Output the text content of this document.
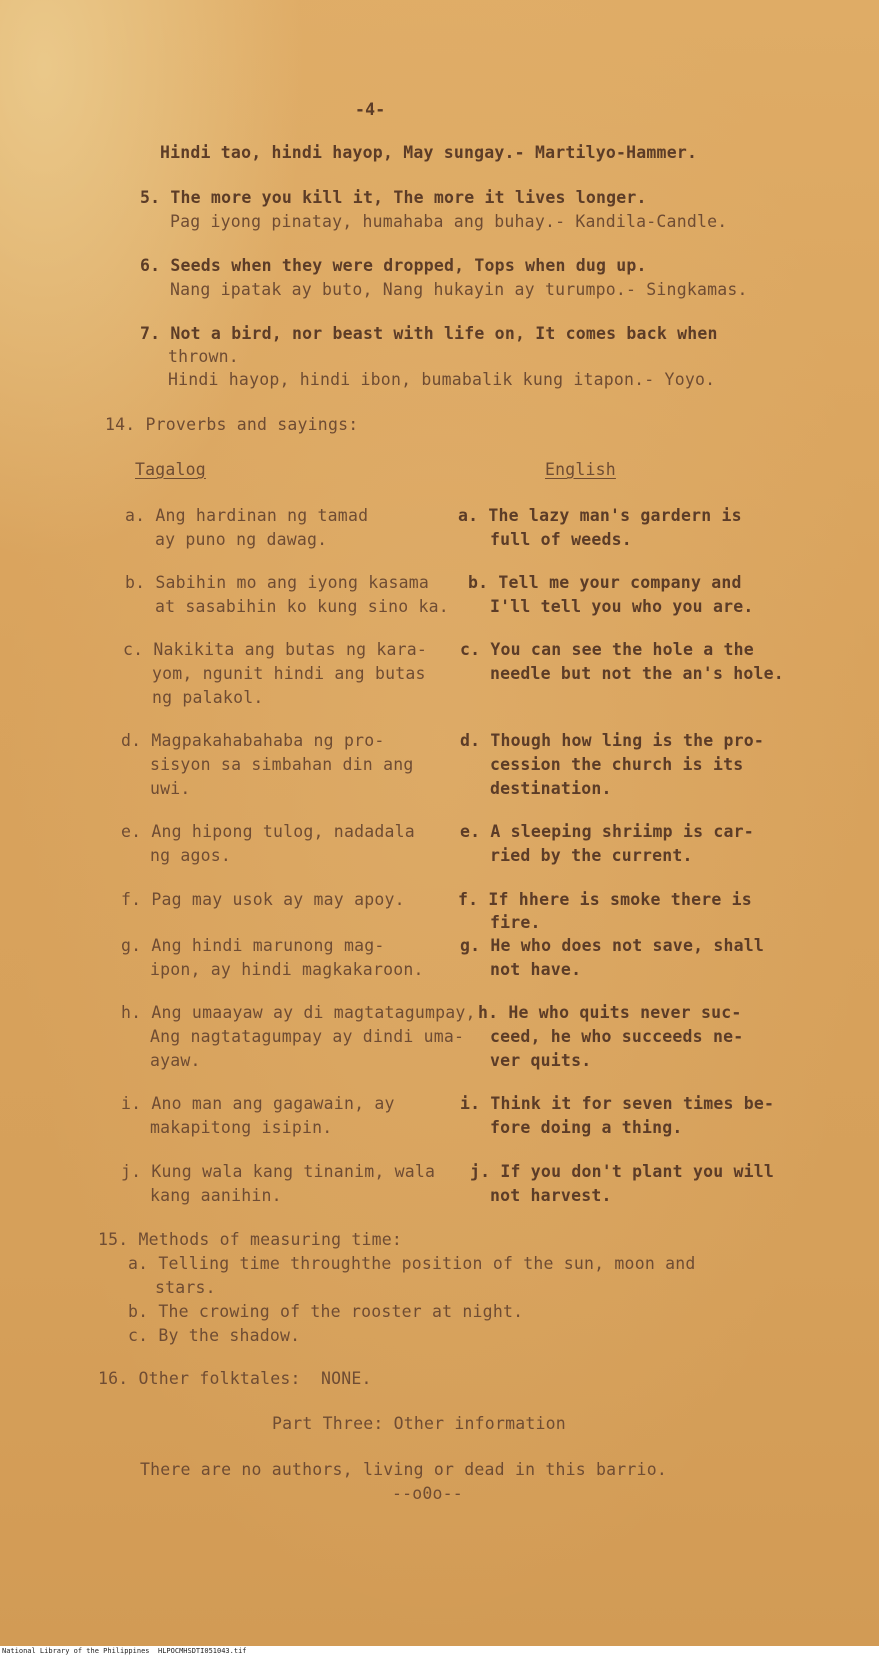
-4-
Hindi tao, hindi hayop, May sungay.- Martilyo-Hammer.
5. The more you kill it, The more it lives longer.
Pag iyong pinatay, humahaba ang buhay.- Kandila-Candle.
6. Seeds when they were dropped, Tops when dug up.
Nang ipatak ay buto, Nang hukayin ay turumpo.- Singkamas.
7. Not a bird, nor beast with life on, It comes back when
thrown.
Hindi hayop, hindi ibon, bumabalik kung itapon.- Yoyo.
14. Proverbs and sayings:
Tagalog	English
a. Ang hardinan ng tamad
ay puno ng dawag.
a. The lazy man's gardern is
full of weeds.
b. Sabihin mo ang iyong kasama
at sasabihin ko kung sino ka.
b. Tell me your company and
I'll tell you who you are.
c. Nakikita ang butas ng kara-
yom, ngunit hindi ang butas
ng palakol.
c. You can see the hole a the
needle but not the an's hole.
d. Magpakahabahaba ng pro-
sisyon sa simbahan din ang
uwi.
d. Though how ling is the pro-
cession the church is its
destination.
e. Ang hipong tulog, nadadala
ng agos.
e. A sleeping shriimp is car-
ried by the current.
f. Pag may usok ay may apoy.	f. If hhere is smoke there is
fire.
g. Ang hindi marunong mag-
ipon, ay hindi magkakaroon.
g. He who does not save, shall
not have.
h. Ang umaayaw ay di magtatagumpay,
Ang nagtatagumpay ay dindi uma-
ayaw.
h. He who quits never suc-
ceed, he who succeeds ne-
ver quits.
i. Ano man ang gagawain, ay
makapitong isipin.
i. Think it for seven times be-
fore doing a thing.
j. Kung wala kang tinanim, wala
kang aanihin.
j. If you don't plant you will
not harvest.
15. Methods of measuring time:
a. Telling time throughthe position of the sun, moon and
stars.
b. The crowing of the rooster at night.
c. By the shadow.
16. Other folktales:  NONE.
Part Three: Other information
There are no authors, living or dead in this barrio.
--o0o--
National Library of the Philippines HLPOCMHSDTI051043.tif
